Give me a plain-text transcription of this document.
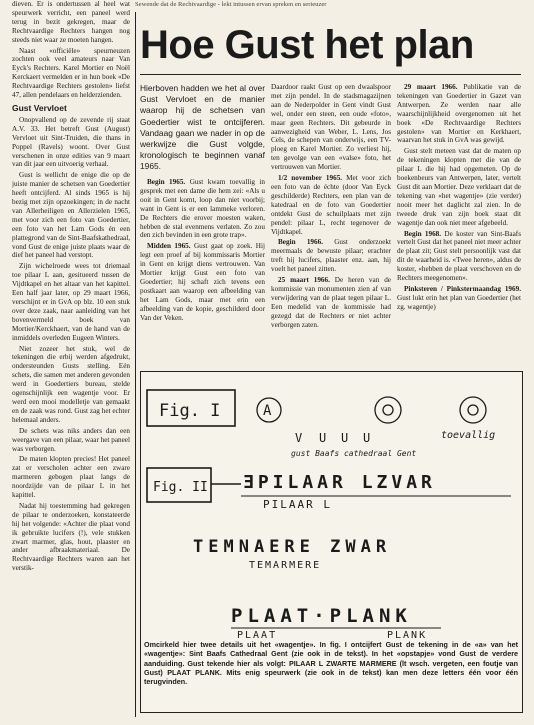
Sewende dat de Rechtvaardige - lekt intussen ervan spreken en serieuzer

dieven. Er is ondertussen al heel wat speurwerk verricht, een paneel werd terug in bezit gekregen, maar de Rechtvaardige Rechters hangen nog steeds niet waar ze moeten hangen.

Naast «officiële» speurneuzen zochten ook veel amateurs naar Van Eyck's Rechters. Karel Mortier en Noël Kerckaert vermelden er in hun boek «De Rechtvaardige Rechters gestolen» liefst 47, allen pendelaars en helderzienden.

Gust Vervloet

Onopvallend op de zevende rij staat A.V. 33. Het betreft Gust (August) Vervloet uit Sint-Truiden, die thans in Poppel (Ravels) woont. Over Gust verschenen in onze edities van 9 maart van dit jaar een uitvoerig verhaal.

Gust is wellicht de enige die op de juiste manier de schetsen van Goedertier heeft ontcijferd. Al sinds 1965 is hij bezig met zijn opzoekingen; in de nacht van Allerheiligen en Allerzielen 1965, met voor zich een foto van Goedertier, een foto van het Lam Gods én een plattegrond van de Sint-Baafskathedraal, vond Gust de enige juiste plaats waar de dief het paneel had verstopt.

Zijn wichelroede wees tot driemaal toe pilaar L aan, gesitueerd tussen de Vijdtkapel en het altaar van het kapittel. Een half jaar later, op 29 maart 1966, verschijnt er in GvA op blz. 10 een stuk over deze zaak, naar aanleiding van het bovenvermeld boek van Mortier/Kerckhaert, van de hand van de inmiddels overleden Eugeen Winters.

Niet zozeer het stuk, wel de tekeningen die erbij werden afgedrukt, ondersteunden Gusts stelling. Eén schets, die samen met anderen gevonden werd in Goedertiers bureau, stelde ogenschijnlijk een wagentje voor. Er werd een mooi modelletje van gemaakt en de zaak was rond. Gust zag het echter helemaal anders.

De schets was niks anders dan een weergave van een pilaar, waar het paneel was verborgen.

De maten klopten precies! Het paneel zat er verscholen achter een zware marmeren gebogen plaat langs de noordzijde van de pilaar L in het kapittel.

Nadat hij toestemming had gekregen de pilaar te onderzoeken, konstateerde hij het volgende: «Achter die plaat vond ik gebruikte lucifers (!), vele stukken zwart marmer, glas, hout, plaaster en ander afbraakmateriaal. De Rechtvaardige Rechters waren aan het verstik-

Hoe Gust het plan
Hierboven hadden we het al over Gust Vervloet en de manier waarop hij de schetsen van Goedertier wist te ontcijferen. Vandaag gaan we nader in op de werkwijze die Gust volgde, kronologisch te beginnen vanaf 1965.

Begin 1965. Gust kwam toevallig in gesprek met een dame die hem zei: «Als u ooit in Gent komt, loop dan niet voorbij; want in Gent is er een lammeke verloren. De Rechters die erover moesten waken, hebben de stal evenmens verlaten. Zo zou den zich bevinden in een grote trap».

Midden 1965. Gust gaat op zoek. Hij legt een proef af bij kommissaris Mortier in Gent en krijgt diens vertrouwen. Van Mortier krijgt Gust een foto van Goedertier; hij schaft zich tevens een postkaart aan waarop een afbeelding van het Lam Gods, maar met erin een afbeelding van de kopie, geschilderd door Van der Veken.

Daardoor raakt Gust op een dwaalspoor met zijn pendel. In de stadsmagazijnen aan de Nederpolder in Gent vindt Gust wel, onder een steen, een oude «foto», maar geen Rechters. Dit gebeurde in aanwezigheid van Weber, L. Lens, Jos Cels, de schepen van onderwijs, een TV-ploeg en Karel Mortier. Zo verliest hij, ten gevolge van een «valse» foto, het vertrouwen van Mortier.

1/2 november 1965. Met voor zich een foto van de échte (door Van Eyck geschilderde) Rechters, een plan van de katedraal en de foto van Goedertier ontdekt Gust de schuilplaats met zijn pendel: pilaar L, recht tegenover de Vijdtkapel.

Begin 1966. Gust onderzoekt meermaals de bewuste pilaar; erachter treft hij lucifers, plaaster enz. aan, hij voelt het paneel zitten.

25 maart 1966. De heren van de kommissie van monumenten zien af van verwijdering van de plaat tegen pilaar L. Een medelid van de kommissie had gezegd dat de Rechters er niet achter verborgen zaten.

29 maart 1966. Publikatie van de tekeningen van Goedertier in Gazet van Antwerpen. Ze werden naar alle waarschijnlijkheid overgenomen uit het boek «De Rechtvaardige Rechters gestolen» van Mortier en Kerkhaert, waarvan het stuk in GvA was gewijd.

Gust stelt meteen vast dat de maten op de tekeningen klopten met die van de pilaar L die hij had opgemeten. Op de boekenbeurs van Antwerpen, later, vertelt Gust dit aan Mortier. Deze verklaart dat de tekening van «het wagentje» (zie verder) nooit meer het daglicht zal zien. In de tweede druk van zijn boek staat dit wagentje dan ook niet meer afgebeeld.

Begin 1968. De koster van Sint-Baafs vertelt Gust dat het paneel niet meer achter de plaat zit; Gust stelt persoonlijk vast dat dit de waarheid is. «Twee heren», aldus de koster, «hebben de plaat verschoven en de Rechters meegenomen».

Pinksteren / Pinkstermaandag 1969. Gust lukt erin het plan van Goedertier (het zg. wagentje)

Fig. I	A
V U U U
gust Baafs cathedraal Gent
toevallig
Fig. II ƎPILAAR LZVAR
PILAAR L
TEMNAERE ZWAR
TEMARMERE
PLAAT·PLANK
PLAAT	PLANK
Omcirkeld hier twee details uit het «wagentje». In fig. I ontcijfert Gust de tekening in de «a» van het «wagentje»: Sint Baafs Cathedraal Gent (zie ook in de tekst). In het «opstapje» vond Gust de verdere aanduiding. Gust tekende hier als volgt: PILAAR L ZWARTE MARMERE (lt wsch. vergeten, een foutje van Gust) PLAAT PLANK. Mits enig speurwerk (zie ook in de tekst) kan men deze letters één voor één terugvinden.
